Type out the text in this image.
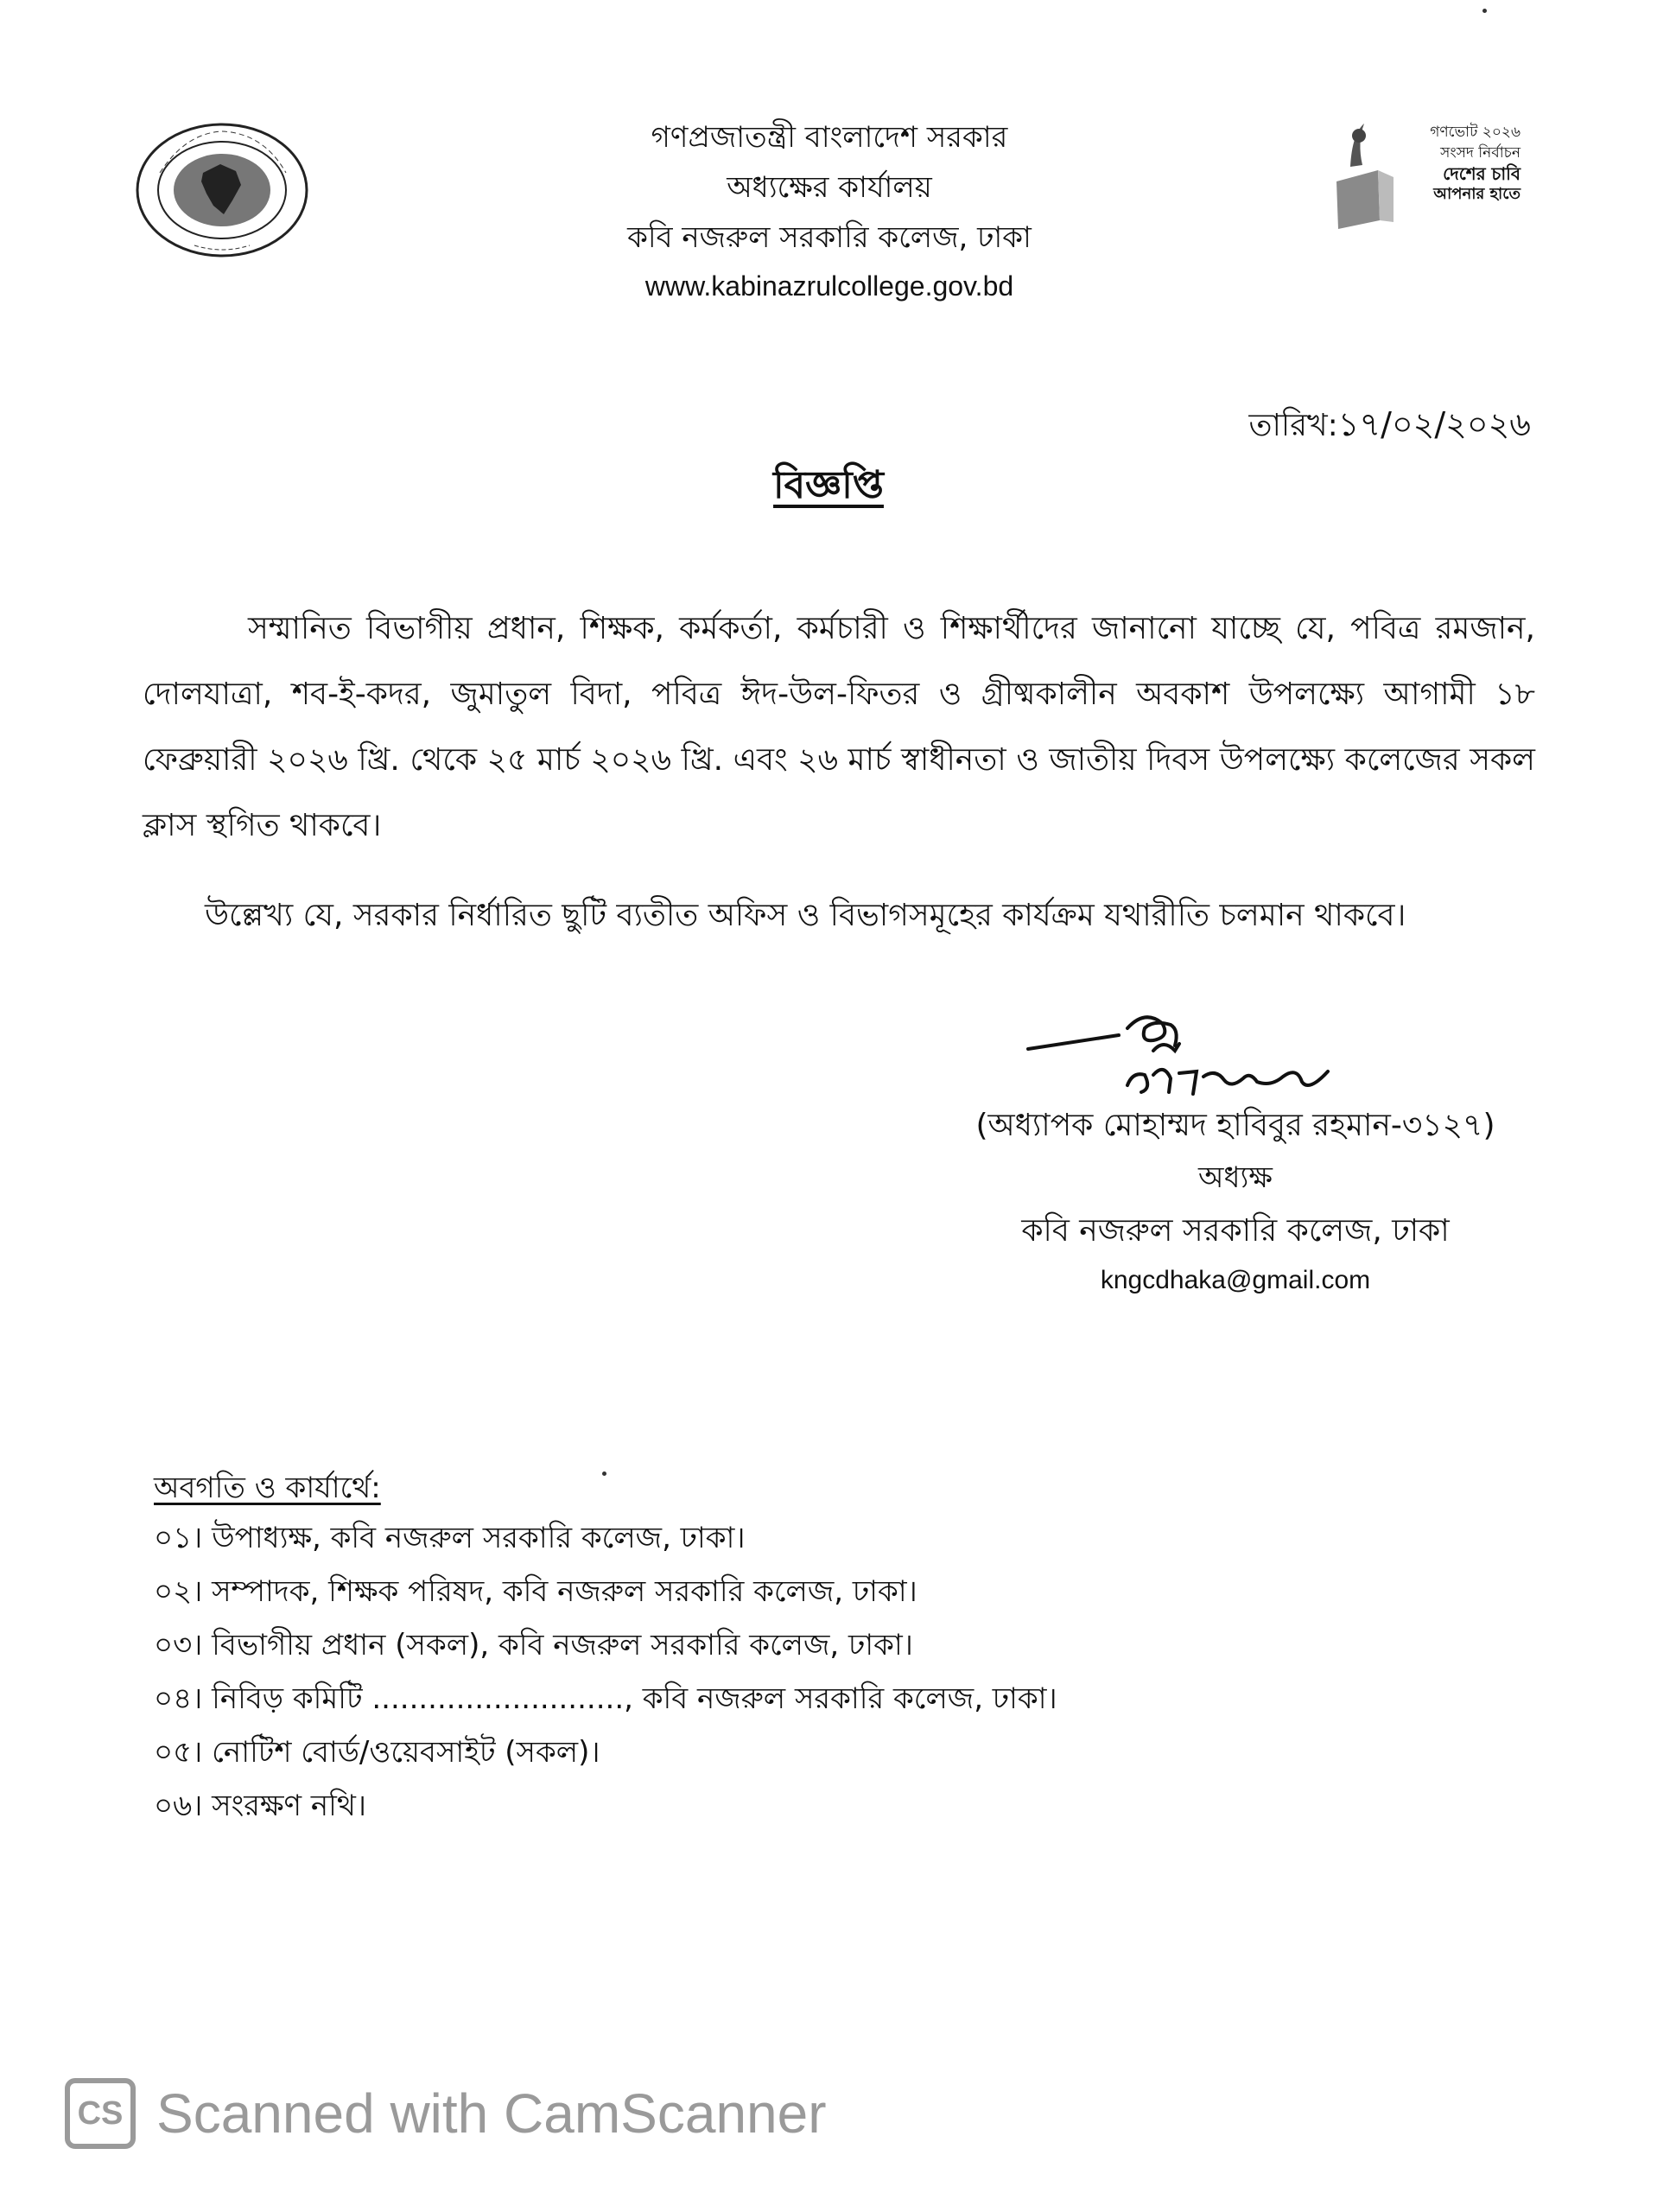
গণভোট ২০২৬
সংসদ নির্বাচন
দেশের চাবি
আপনার হাতে
গণপ্রজাতন্ত্রী বাংলাদেশ সরকার
অধ্যক্ষের কার্যালয়
কবি নজরুল সরকারি কলেজ, ঢাকা
www.kabinazrulcollege.gov.bd
তারিখ: ১৭/০২/২০২৬
বিজ্ঞপ্তি
সম্মানিত বিভাগীয় প্রধান, শিক্ষক, কর্মকর্তা, কর্মচারী ও শিক্ষার্থীদের জানানো যাচ্ছে যে, পবিত্র রমজান, দোলযাত্রা, শব-ই-কদর, জুমাতুল বিদা, পবিত্র ঈদ-উল-ফিতর ও গ্রীষ্মকালীন অবকাশ উপলক্ষ্যে আগামী ১৮ ফেব্রুয়ারী ২০২৬ খ্রি. থেকে ২৫ মার্চ ২০২৬ খ্রি. এবং ২৬ মার্চ স্বাধীনতা ও জাতীয় দিবস উপলক্ষ্যে কলেজের সকল ক্লাস স্থগিত থাকবে।
উল্লেখ্য যে, সরকার নির্ধারিত ছুটি ব্যতীত অফিস ও বিভাগসমূহের কার্যক্রম যথারীতি চলমান থাকবে।
(অধ্যাপক মোহাম্মদ হাবিবুর রহমান-৩১২৭)
অধ্যক্ষ
কবি নজরুল সরকারি কলেজ, ঢাকা
kngcdhaka@gmail.com
অবগতি ও কার্যার্থে:
০১। উপাধ্যক্ষ, কবি নজরুল সরকারি কলেজ, ঢাকা।
০২। সম্পাদক, শিক্ষক পরিষদ, কবি নজরুল সরকারি কলেজ, ঢাকা।
০৩। বিভাগীয় প্রধান (সকল), কবি নজরুল সরকারি কলেজ, ঢাকা।
০৪। নিবিড় কমিটি ..........................., কবি নজরুল সরকারি কলেজ, ঢাকা।
০৫। নোটিশ বোর্ড/ওয়েবসাইট (সকল)।
০৬। সংরক্ষণ নথি।
CS Scanned with CamScanner
